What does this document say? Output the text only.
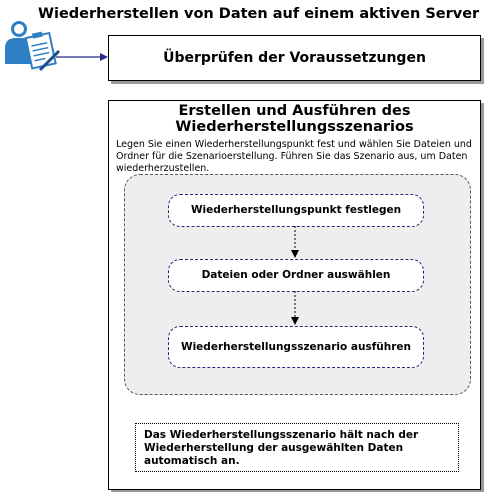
Wiederherstellen von Daten auf einem aktiven Server
Überprüfen der Voraussetzungen
Erstellen und Ausführen des Wiederherstellungsszenarios
Legen Sie einen Wiederherstellungspunkt fest und wählen Sie Dateien und Ordner für die Szenarioerstellung. Führen Sie das Szenario aus, um Daten wiederherzustellen.
Wiederherstellungspunkt festlegen
Dateien oder Ordner auswählen
Wiederherstellungsszenario ausführen
Das Wiederherstellungsszenario hält nach der Wiederherstellung der ausgewählten Daten automatisch an.
